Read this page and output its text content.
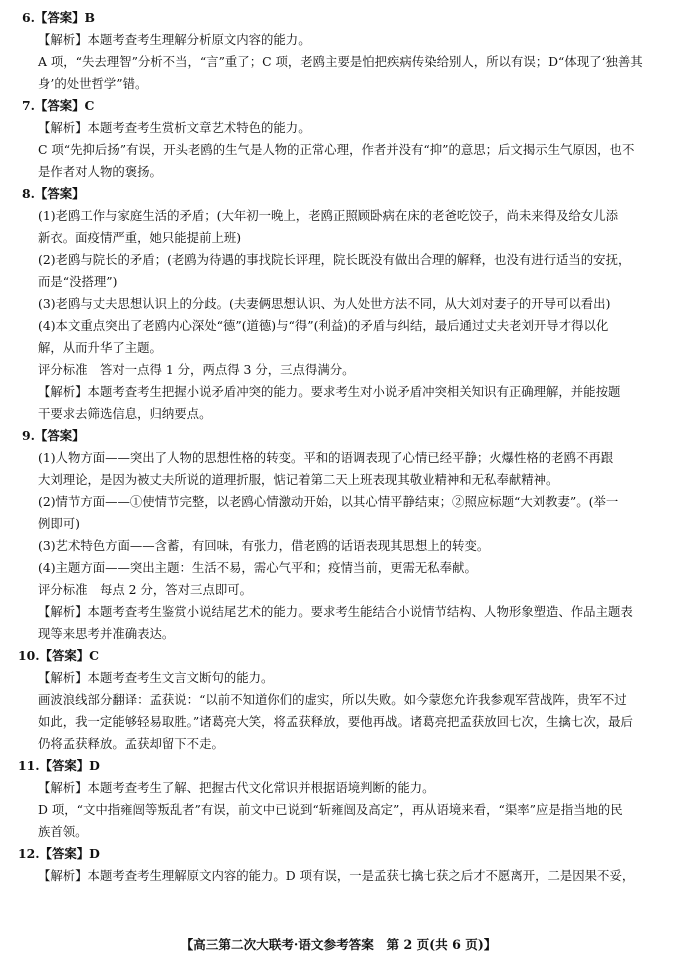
6.【答案】B

【解析】本题考查考生理解分析原文内容的能力。

A 项，“失去理智”分析不当，“言”重了；C 项，老鸥主要是怕把疾病传染给别人，所以有误；D“体现了‘独善其

身’的处世哲学”错。

7.【答案】C

【解析】本题考查考生赏析文章艺术特色的能力。

C 项“先抑后扬”有误，开头老鸥的生气是人物的正常心理，作者并没有“抑”的意思；后文揭示生气原因，也不

是作者对人物的褒扬。

8.【答案】

(1)老鸥工作与家庭生活的矛盾；(大年初一晚上，老鸥正照顾卧病在床的老爸吃饺子，尚未来得及给女儿添

新衣。面疫情严重，她只能提前上班)

(2)老鸥与院长的矛盾；(老鸥为待遇的事找院长评理，院长既没有做出合理的解释，也没有进行适当的安抚，

而是“没搭理”)

(3)老鸥与丈夫思想认识上的分歧。(夫妻俩思想认识、为人处世方法不同，从大刘对妻子的开导可以看出)

(4)本文重点突出了老鸥内心深处“德”(道德)与“得”(利益)的矛盾与纠结，最后通过丈夫老刘开导才得以化

解，从而升华了主题。

评分标准　答对一点得 1 分，两点得 3 分，三点得满分。

【解析】本题考查考生把握小说矛盾冲突的能力。要求考生对小说矛盾冲突相关知识有正确理解，并能按题

干要求去筛选信息，归纳要点。

9.【答案】

(1)人物方面——突出了人物的思想性格的转变。平和的语调表现了心情已经平静；火爆性格的老鸥不再跟

大刘理论，是因为被丈夫所说的道理折服，惦记着第二天上班表现其敬业精神和无私奉献精神。

(2)情节方面——①使情节完整，以老鸥心情激动开始，以其心情平静结束；②照应标题“大刘教妻”。(举一

例即可)

(3)艺术特色方面——含蓄，有回味，有张力，借老鸥的话语表现其思想上的转变。

(4)主题方面——突出主题：生活不易，需心气平和；疫情当前，更需无私奉献。

评分标准　每点 2 分，答对三点即可。

【解析】本题考查考生鉴赏小说结尾艺术的能力。要求考生能结合小说情节结构、人物形象塑造、作品主题表

现等来思考并准确表达。

10.【答案】C

【解析】本题考查考生文言文断句的能力。

画波浪线部分翻译：孟获说：“以前不知道你们的虚实，所以失败。如今蒙您允许我参观军营战阵，贵军不过

如此，我一定能够轻易取胜。”诸葛亮大笑，将孟获释放，要他再战。诸葛亮把孟获放回七次，生擒七次，最后

仍将孟获释放。孟获却留下不走。

11.【答案】D

【解析】本题考查考生了解、把握古代文化常识并根据语境判断的能力。

D 项，“文中指雍闿等叛乱者”有误，前文中已说到“斩雍闿及高定”，再从语境来看，“渠率”应是指当地的民

族首领。

12.【答案】D

【解析】本题考查考生理解原文内容的能力。D 项有误，一是孟获七擒七获之后才不愿离开，二是因果不妥，

【高三第二次大联考·语文参考答案　第 2 页(共 6 页)】
